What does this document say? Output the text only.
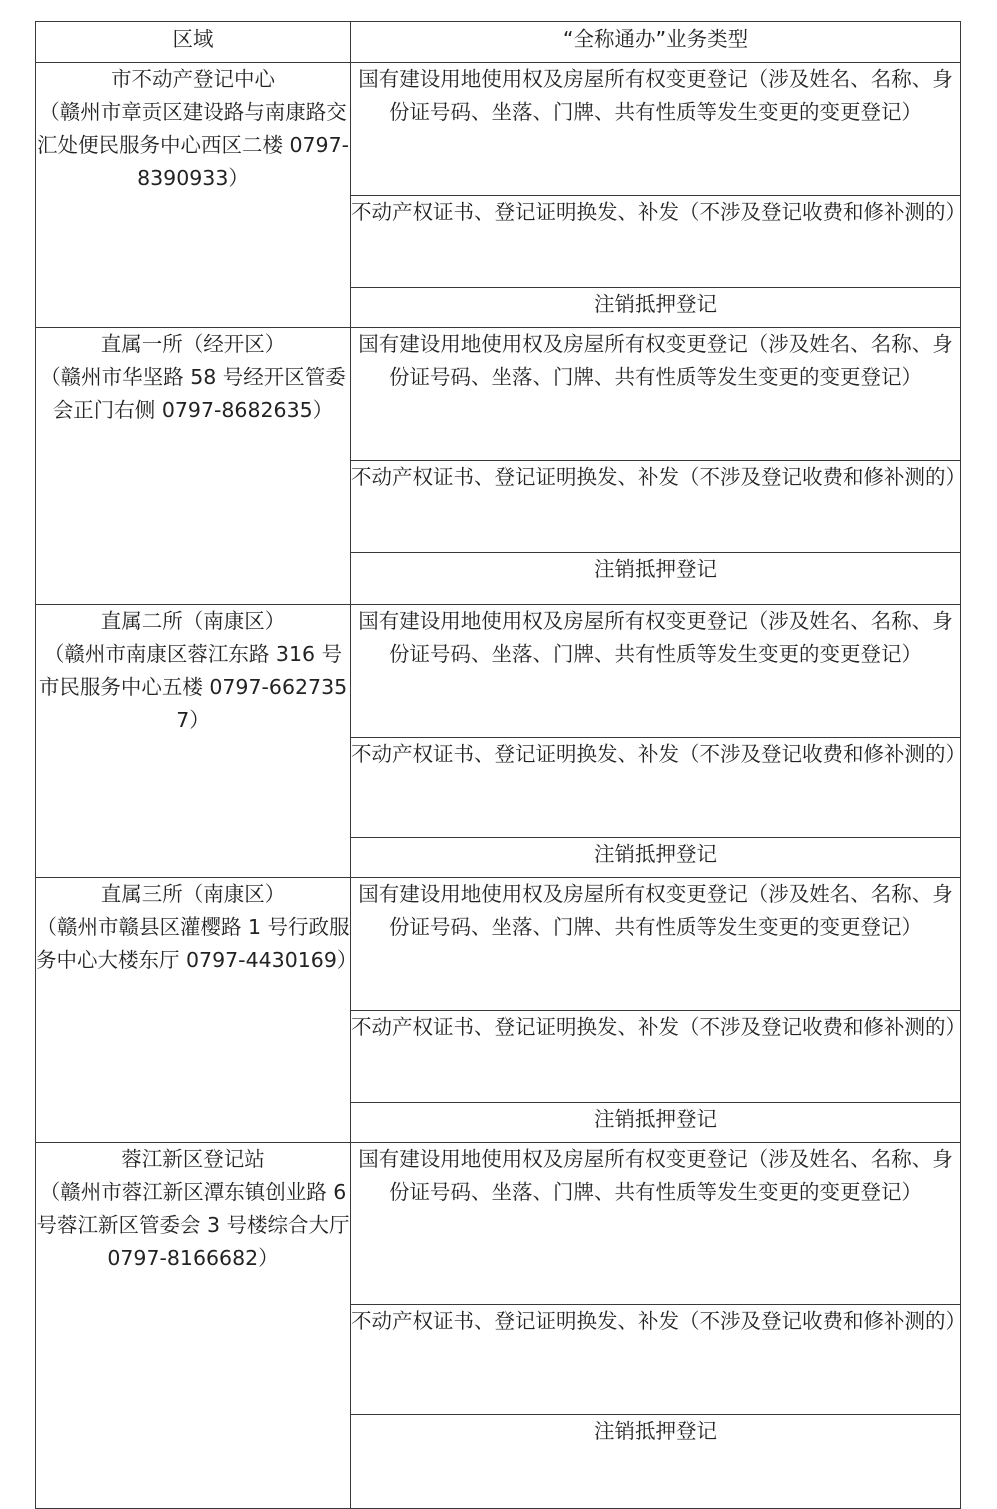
区域	“全称通办”业务类型

市不动产登记中心
（赣州市章贡区建设路与南康路交汇处便民服务中心西区二楼 0797-8390933）	国有建设用地使用权及房屋所有权变更登记（涉及姓名、名称、身份证号码、坐落、门牌、共有性质等发生变更的变更登记）
	不动产权证书、登记证明换发、补发（不涉及登记收费和修补测的）
	注销抵押登记

直属一所（经开区）
（赣州市华坚路 58 号经开区管委会正门右侧 0797-8682635）	国有建设用地使用权及房屋所有权变更登记（涉及姓名、名称、身份证号码、坐落、门牌、共有性质等发生变更的变更登记）
	不动产权证书、登记证明换发、补发（不涉及登记收费和修补测的）
	注销抵押登记

直属二所（南康区）
（赣州市南康区蓉江东路 316 号市民服务中心五楼 0797-6627357）	国有建设用地使用权及房屋所有权变更登记（涉及姓名、名称、身份证号码、坐落、门牌、共有性质等发生变更的变更登记）
	不动产权证书、登记证明换发、补发（不涉及登记收费和修补测的）
	注销抵押登记

直属三所（南康区）
（赣州市赣县区灌樱路 1 号行政服务中心大楼东厅 0797-4430169）	国有建设用地使用权及房屋所有权变更登记（涉及姓名、名称、身份证号码、坐落、门牌、共有性质等发生变更的变更登记）
	不动产权证书、登记证明换发、补发（不涉及登记收费和修补测的）
	注销抵押登记

蓉江新区登记站
（赣州市蓉江新区潭东镇创业路 6 号蓉江新区管委会 3 号楼综合大厅 0797-8166682）	国有建设用地使用权及房屋所有权变更登记（涉及姓名、名称、身份证号码、坐落、门牌、共有性质等发生变更的变更登记）
	不动产权证书、登记证明换发、补发（不涉及登记收费和修补测的）
	注销抵押登记
